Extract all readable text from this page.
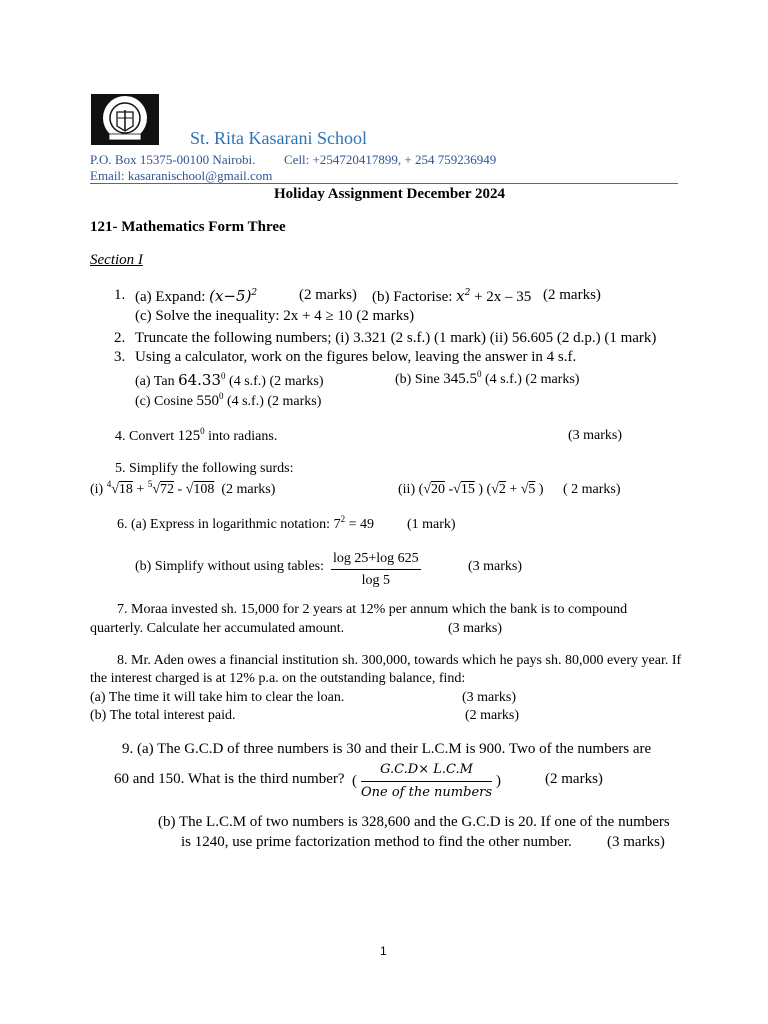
St. Rita Kasarani School
P.O. Box 15375-00100 Nairobi. Cell: +254720417899, + 254 759236949
Email: kasaranischool@gmail.com
Holiday Assignment December 2024
121- Mathematics Form Three
Section I
1. (a) Expand: $(x-5)^2$	(2 marks) (b) Factorise: $x^2 + 2x - 35$ (2 marks)
(c) Solve the inequality: 2x + 4 ≥ 10 (2 marks)
2. Truncate the following numbers; (i) 3.321 (2 s.f.) (1 mark) (ii) 56.605 (2 d.p.) (1 mark)
3. Using a calculator, work on the figures below, leaving the answer in 4 s.f.
(a) Tan 64.33$^0$ (4 s.f.) (2 marks)	(b) Sine 345.5$^0$ (4 s.f.) (2 marks)
(c) Cosine $550^0$ (4 s.f.) (2 marks)
4. Convert $125^0$ into radians.	(3 marks)
5. Simplify the following surds:
(i) $^4$√18 + $^5$√72 - √108 (2 marks)	(ii) (√20 -√15 ) (√2 + √5 ) ( 2 marks)
6. (a) Express in logarithmic notation: $7^2 = 49$ (1 mark)
(b) Simplify without using tables: $\frac{\log 25+\log 625}{\log 5}$	(3 marks)
7. Moraa invested sh. 15,000 for 2 years at 12% per annum which the bank is to compound
quarterly. Calculate her accumulated amount.	(3 marks)
8. Mr. Aden owes a financial institution sh. 300,000, towards which he pays sh. 80,000 every year. If
the interest charged is at 12% p.a. on the outstanding balance, find:
(a) The time it will take him to clear the loan.	(3 marks)
(b) The total interest paid.	(2 marks)
9. (a) The G.C.D of three numbers is 30 and their L.C.M is 900. Two of the numbers are
60 and 150. What is the third number? ( $\frac{G.C.D\times L.C.M}{\text{One of the numbers}}$ )	(2 marks)
(b) The L.C.M of two numbers is 328,600 and the G.C.D is 20. If one of the numbers
is 1240, use prime factorization method to find the other number. (3 marks)
1
